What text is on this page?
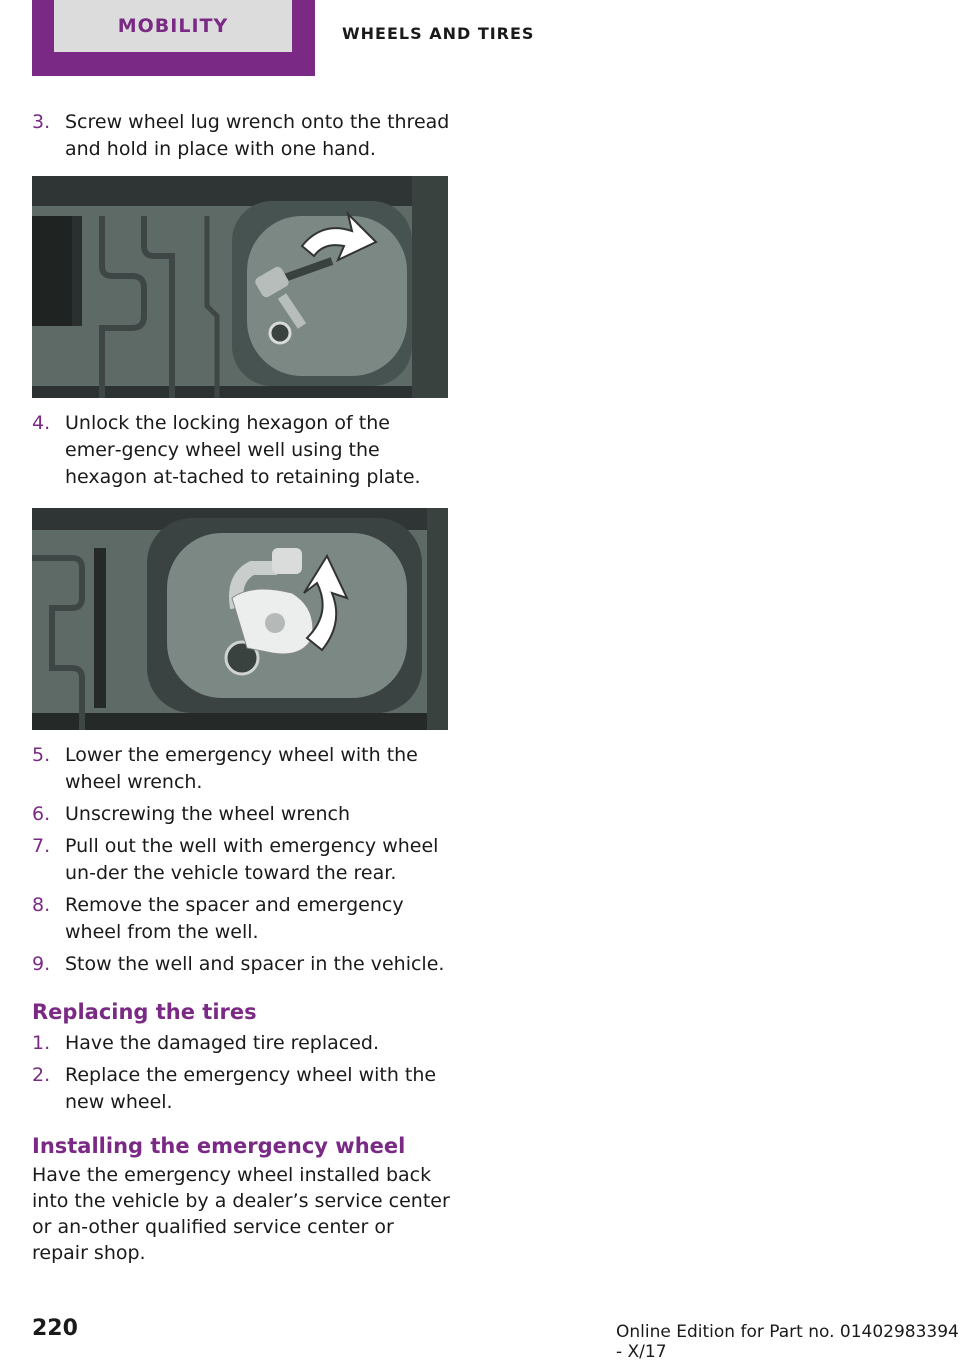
MOBILITY	WHEELS AND TIRES
3. Screw wheel lug wrench onto the thread and hold in place with one hand.
4. Unlock the locking hexagon of the emer‐gency wheel well using the hexagon at‐tached to retaining plate.
5. Lower the emergency wheel with the wheel wrench.
6. Unscrewing the wheel wrench
7. Pull out the well with emergency wheel un‐der the vehicle toward the rear.
8. Remove the spacer and emergency wheel from the well.
9. Stow the well and spacer in the vehicle.
Replacing the tires
1. Have the damaged tire replaced.
2. Replace the emergency wheel with the new wheel.
Installing the emergency wheel
Have the emergency wheel installed back into the vehicle by a dealer’s service center or an‐other qualified service center or repair shop.
220	Online Edition for Part no. 01402983394 - X/17
